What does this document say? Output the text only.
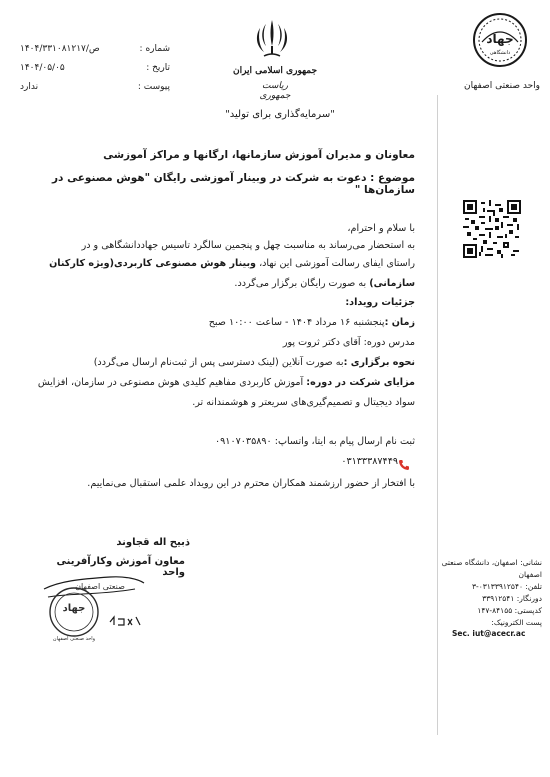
شماره :
۱۴۰۴/۳۳۱۰۸ص/۱۲۱۷
تاریخ :
۱۴۰۴/۰۵/۰۵
پیوست :
ندارد
جمهوری اسلامی ایران
ریاست جمهوری
جهاد
دانشگاهی
واحد صنعتی اصفهان
"سرمایه‌گذاری برای تولید"
معاونان و مدیران آموزش سازمانها، ارگانها و مراکز آموزشی
موضوع : دعوت به شرکت در وبینار آموزشی رایگان "هوش مصنوعی در سازمان‌ها "
با سلام و احترام،
به استحضار می‌رساند به مناسبت چهل و پنجمین سالگرد تاسیس جهاددانشگاهی و در
راستای ایفای رسالت آموزشی این نهاد، وبینار هوش مصنوعی کاربردی(ویژه کارکنان
سازمانی) به صورت رایگان برگزار می‌گردد.
جزئیات رویداد:
زمان :پنجشنبه ۱۶ مرداد ۱۴۰۴ - ساعت ۱۰:۰۰ صبح
مدرس دوره: آقای دکتر ثروت پور
نحوه برگزاری :به صورت آنلاین (لینک دسترسی پس از ثبت‌نام ارسال می‌گردد)
مزایای شرکت در دوره: آموزش کاربردی مفاهیم کلیدی هوش مصنوعی در سازمان، افزایش
سواد دیجیتال و تصمیم‌گیری‌های سریعتر و هوشمندانه تر.
ثبت نام ارسال پیام به ایتا، واتساپ: ۰۹۱۰۷۰۳۵۸۹۰
۰۳۱۳۳۳۸۷۴۴۹
با افتخار از حضور ارزشمند همکاران محترم در این رویداد علمی استقبال می‌نماییم.
نشانی: اصفهان، دانشگاه صنعتی
اصفهان
تلفن: ۰۳۱۳۳۹۱۲۵۴۰-۳
دورنگار: ۳۳۹۱۲۵۴۱
کدپستی: ۸۴۱۵۵-۱۴۷
پست الکترونیک:
Sec. iut@acecr.ac
ذبیح اله قجاوند
معاون آموزش وکارآفرینی واحد
جهاد
صنعتی اصفهان
واحد صنعتی اصفهان
